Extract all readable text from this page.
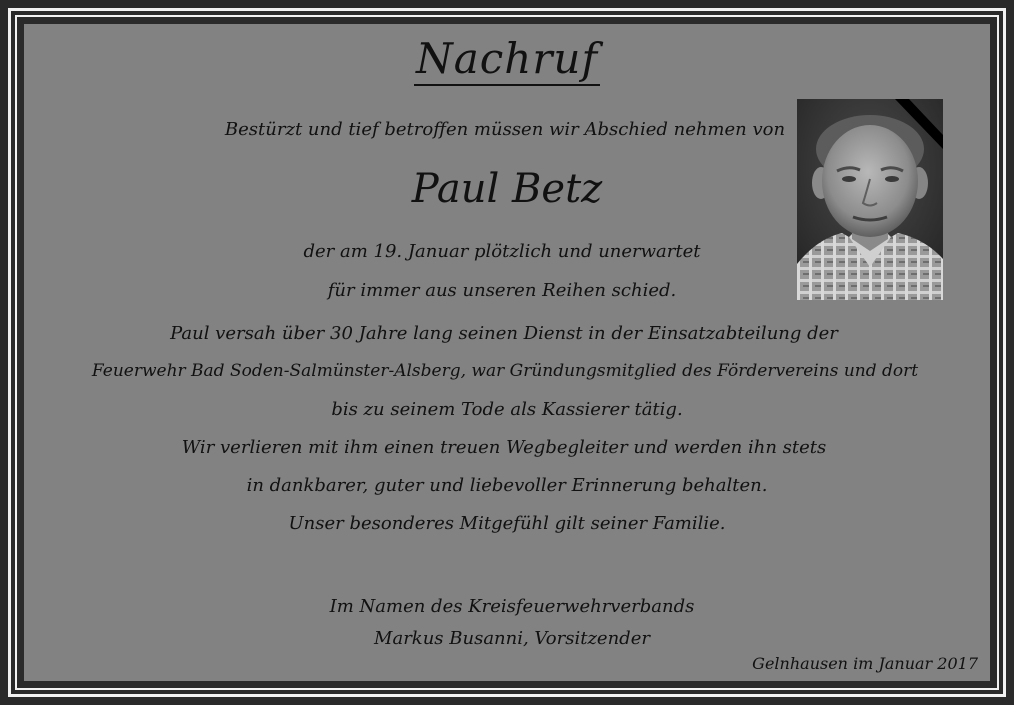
Nachruf
Bestürzt und tief betroffen müssen wir Abschied nehmen von
Paul Betz
der am 19. Januar plötzlich und unerwartet
für immer aus unseren Reihen schied.
Paul versah über 30 Jahre lang seinen Dienst in der Einsatzabteilung der
Feuerwehr Bad Soden-Salmünster-Alsberg, war Gründungsmitglied des Fördervereins und dort
bis zu seinem Tode als Kassierer tätig.
Wir verlieren mit ihm einen treuen Wegbegleiter und werden ihn stets
in dankbarer, guter und liebevoller Erinnerung behalten.
Unser besonderes Mitgefühl gilt seiner Familie.
Im Namen des Kreisfeuerwehrverbands
Markus Busanni, Vorsitzender
Gelnhausen im Januar 2017
